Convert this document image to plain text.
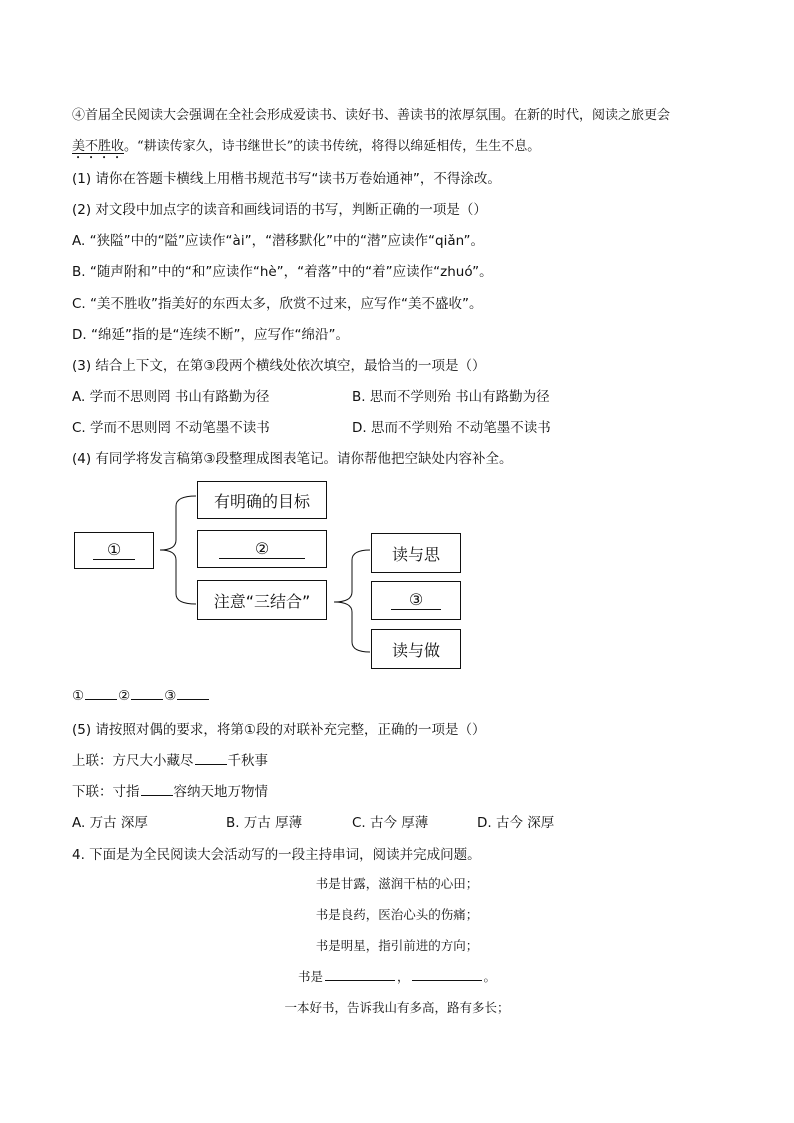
④首届全民阅读大会强调在全社会形成爱读书、读好书、善读书的浓厚氛围。在新的时代，阅读之旅更会
美不胜收。“耕读传家久，诗书继世长”的读书传统，将得以绵延相传，生生不息。
(1) 请你在答题卡横线上用楷书规范书写“读书万卷始通神”，不得涂改。
(2) 对文段中加点字的读音和画线词语的书写，判断正确的一项是（）
A. “狭隘”中的“隘”应读作“ài”，“潜移默化”中的“潜”应读作“qiǎn”。
B. “随声附和”中的“和”应读作“hè”，“着落”中的“着”应读作“zhuó”。
C. “美不胜收”指美好的东西太多，欣赏不过来，应写作“美不盛收”。
D. “绵延”指的是“连续不断”，应写作“绵沿”。
(3) 结合上下文，在第③段两个横线处依次填空，最恰当的一项是（）
A. 学而不思则罔 书山有路勤为径	B. 思而不学则殆 书山有路勤为径
C. 学而不思则罔 不动笔墨不读书	D. 思而不学则殆 不动笔墨不读书
(4) 有同学将发言稿第③段整理成图表笔记。请你帮他把空缺处内容补全。
①
有明确的目标
②
注意“三结合”
读与思
③
读与做
①	②	③
(5) 请按照对偶的要求，将第①段的对联补充完整，正确的一项是（）
上联：方尺大小藏尽	千秋事
下联：寸指	容纳天地万物情
A. 万古 深厚	B. 万古 厚薄	C. 古今 厚薄	D. 古今 深厚
4. 下面是为全民阅读大会活动写的一段主持串词，阅读并完成问题。
书是甘露，滋润干枯的心田；
书是良药，医治心头的伤痛；
书是明星，指引前进的方向；
书是	，	。
一本好书，告诉我山有多高，路有多长；
